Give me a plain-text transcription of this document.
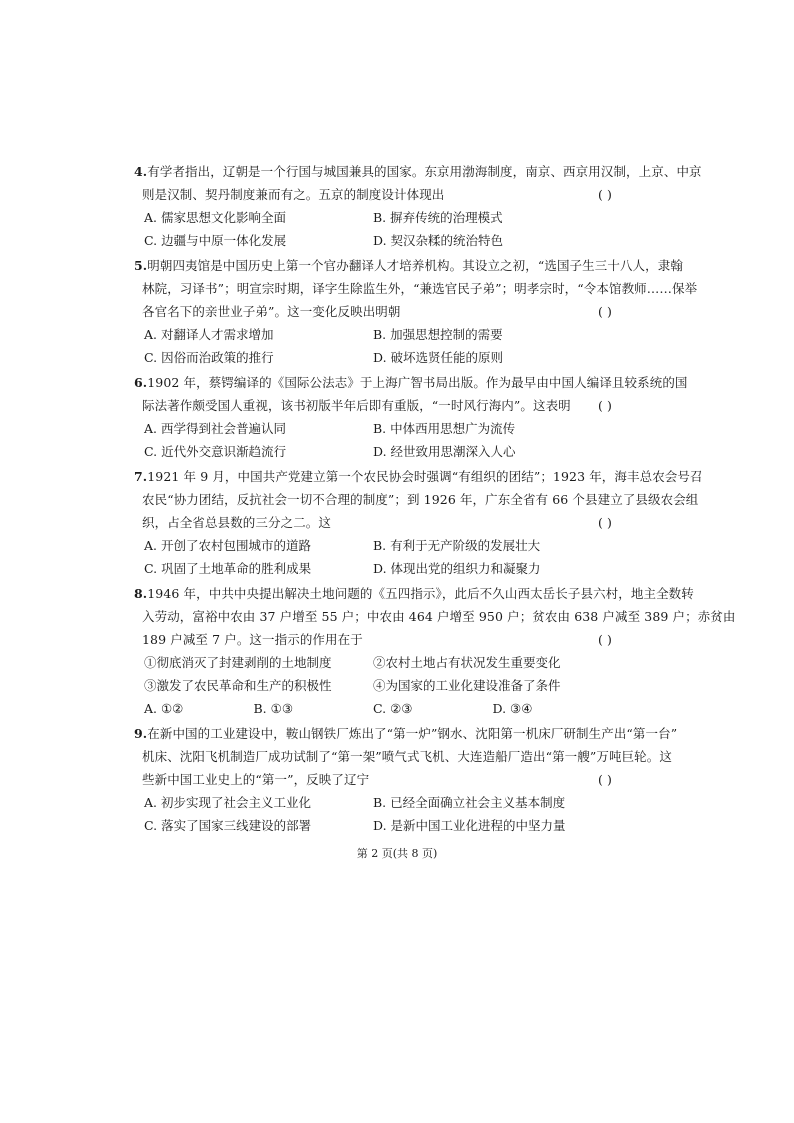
4.有学者指出，辽朝是一个行国与城国兼具的国家。东京用渤海制度，南京、西京用汉制，上京、中京
则是汉制、契丹制度兼而有之。五京的制度设计体现出	( )
A. 儒家思想文化影响全面	B. 摒弃传统的治理模式
C. 边疆与中原一体化发展	D. 契汉杂糅的统治特色
5.明朝四夷馆是中国历史上第一个官办翻译人才培养机构。其设立之初，“选国子生三十八人，隶翰
林院，习译书”；明宣宗时期，译字生除监生外，“兼选官民子弟”；明孝宗时，“令本馆教师……保举
各官名下的亲世业子弟”。这一变化反映出明朝	( )
A. 对翻译人才需求增加	B. 加强思想控制的需要
C. 因俗而治政策的推行	D. 破坏选贤任能的原则
6.1902 年，蔡锷编译的《国际公法志》于上海广智书局出版。作为最早由中国人编译且较系统的国
际法著作颇受国人重视，该书初版半年后即有重版，“一时风行海内”。这表明 ( )
A. 西学得到社会普遍认同	B. 中体西用思想广为流传
C. 近代外交意识渐趋流行	D. 经世致用思潮深入人心
7.1921 年 9 月，中国共产党建立第一个农民协会时强调“有组织的团结”；1923 年，海丰总农会号召
农民“协力团结，反抗社会一切不合理的制度”；到 1926 年，广东全省有 66 个县建立了县级农会组
织，占全省总县数的三分之二。这	( )
A. 开创了农村包围城市的道路	B. 有利于无产阶级的发展壮大
C. 巩固了土地革命的胜利成果	D. 体现出党的组织力和凝聚力
8.1946 年，中共中央提出解决土地问题的《五四指示》，此后不久山西太岳长子县六村，地主全数转
入劳动，富裕中农由 37 户增至 55 户；中农由 464 户增至 950 户；贫农由 638 户减至 389 户；赤贫由
189 户减至 7 户。这一指示的作用在于	( )
①彻底消灭了封建剥削的土地制度	②农村土地占有状况发生重要变化
③激发了农民革命和生产的积极性	④为国家的工业化建设准备了条件
A. ①②	B. ①③	C. ②③	D. ③④
9.在新中国的工业建设中，鞍山钢铁厂炼出了“第一炉”钢水、沈阳第一机床厂研制生产出“第一台”
机床、沈阳飞机制造厂成功试制了“第一架”喷气式飞机、大连造船厂造出“第一艘”万吨巨轮。这
些新中国工业史上的“第一”，反映了辽宁	( )
A. 初步实现了社会主义工业化	B. 已经全面确立社会主义基本制度
C. 落实了国家三线建设的部署	D. 是新中国工业化进程的中坚力量
第 2 页(共 8 页)
